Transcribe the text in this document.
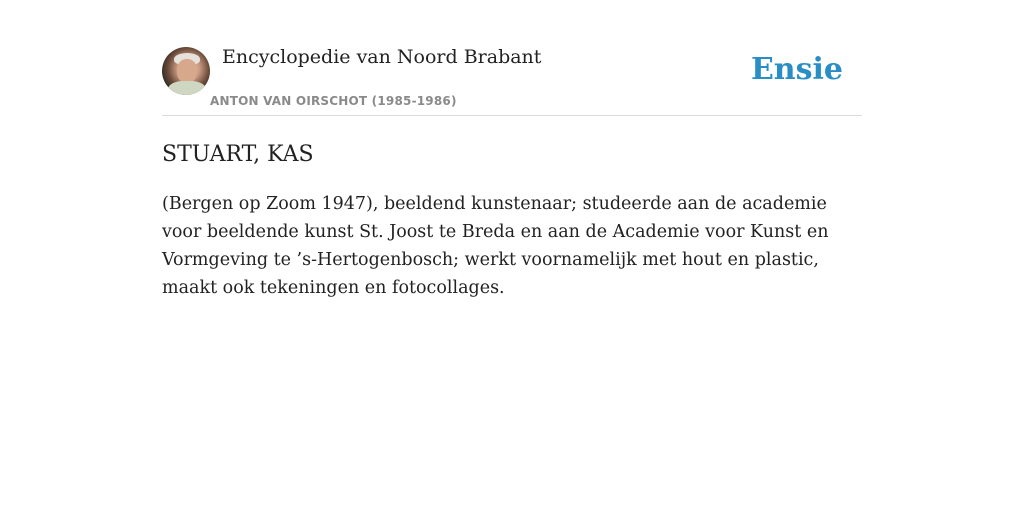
Encyclopedie van Noord Brabant
ANTON VAN OIRSCHOT (1985-1986)
Ensie
STUART, KAS

(Bergen op Zoom 1947), beeldend kunstenaar; studeerde aan de academie voor beeldende kunst St. Joost te Breda en aan de Academie voor Kunst en Vormgeving te ’s-Hertogenbosch; werkt voornamelijk met hout en plastic, maakt ook tekeningen en fotocollages.
